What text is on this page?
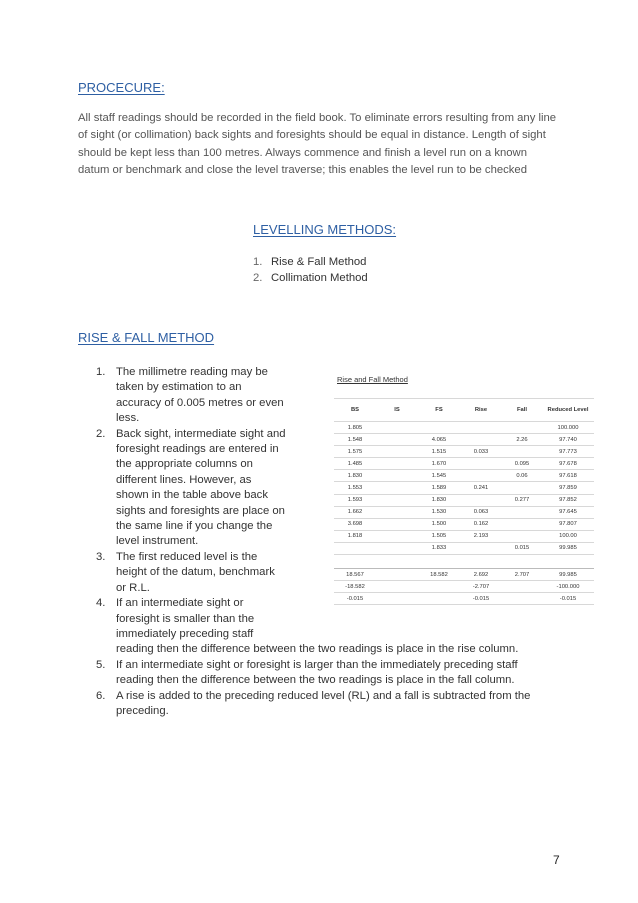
PROCECURE:

All staff readings should be recorded in the field book. To eliminate errors resulting from any line of sight (or collimation) back sights and foresights should be equal in distance. Length of sight should be kept less than 100 metres. Always commence and finish a level run on a known datum or benchmark and close the level traverse; this enables the level run to be checked

LEVELLING METHODS:
1. Rise & Fall Method
2. Collimation Method
RISE & FALL METHOD
1. The millimetre reading may be taken by estimation to an accuracy of 0.005 metres or even less.
2. Back sight, intermediate sight and foresight readings are entered in the appropriate columns on different lines. However, as shown in the table above back sights and foresights are place on the same line if you change the level instrument.
3. The first reduced level is the height of the datum, benchmark or R.L.
4. If an intermediate sight or foresight is smaller than the immediately preceding staff
reading then the difference between the two readings is place in the rise column.
5. If an intermediate sight or foresight is larger than the immediately preceding staff reading then the difference between the two readings is place in the fall column.
6. A rise is added to the preceding reduced level (RL) and a fall is subtracted from the preceding.
Rise and Fall Method
BS	IS	FS	Rise	Fall	Reduced Level
1.805					100.000
1.548		4.065		2.26	97.740
1.575		1.515	0.033		97.773
1.485		1.670		0.095	97.678
1.830		1.545		0.06	97.618
1.553		1.589	0.241		97.859
1.593		1.830		0.277	97.852
1.662		1.530	0.063		97.645
3.698		1.500	0.162		97.807
1.818		1.505	2.193		100.00
		1.833		0.015	99.985

18.567		18.582	2.692	2.707	99.985
-18.582			-2.707		-100.000
-0.015			-0.015		-0.015
7
